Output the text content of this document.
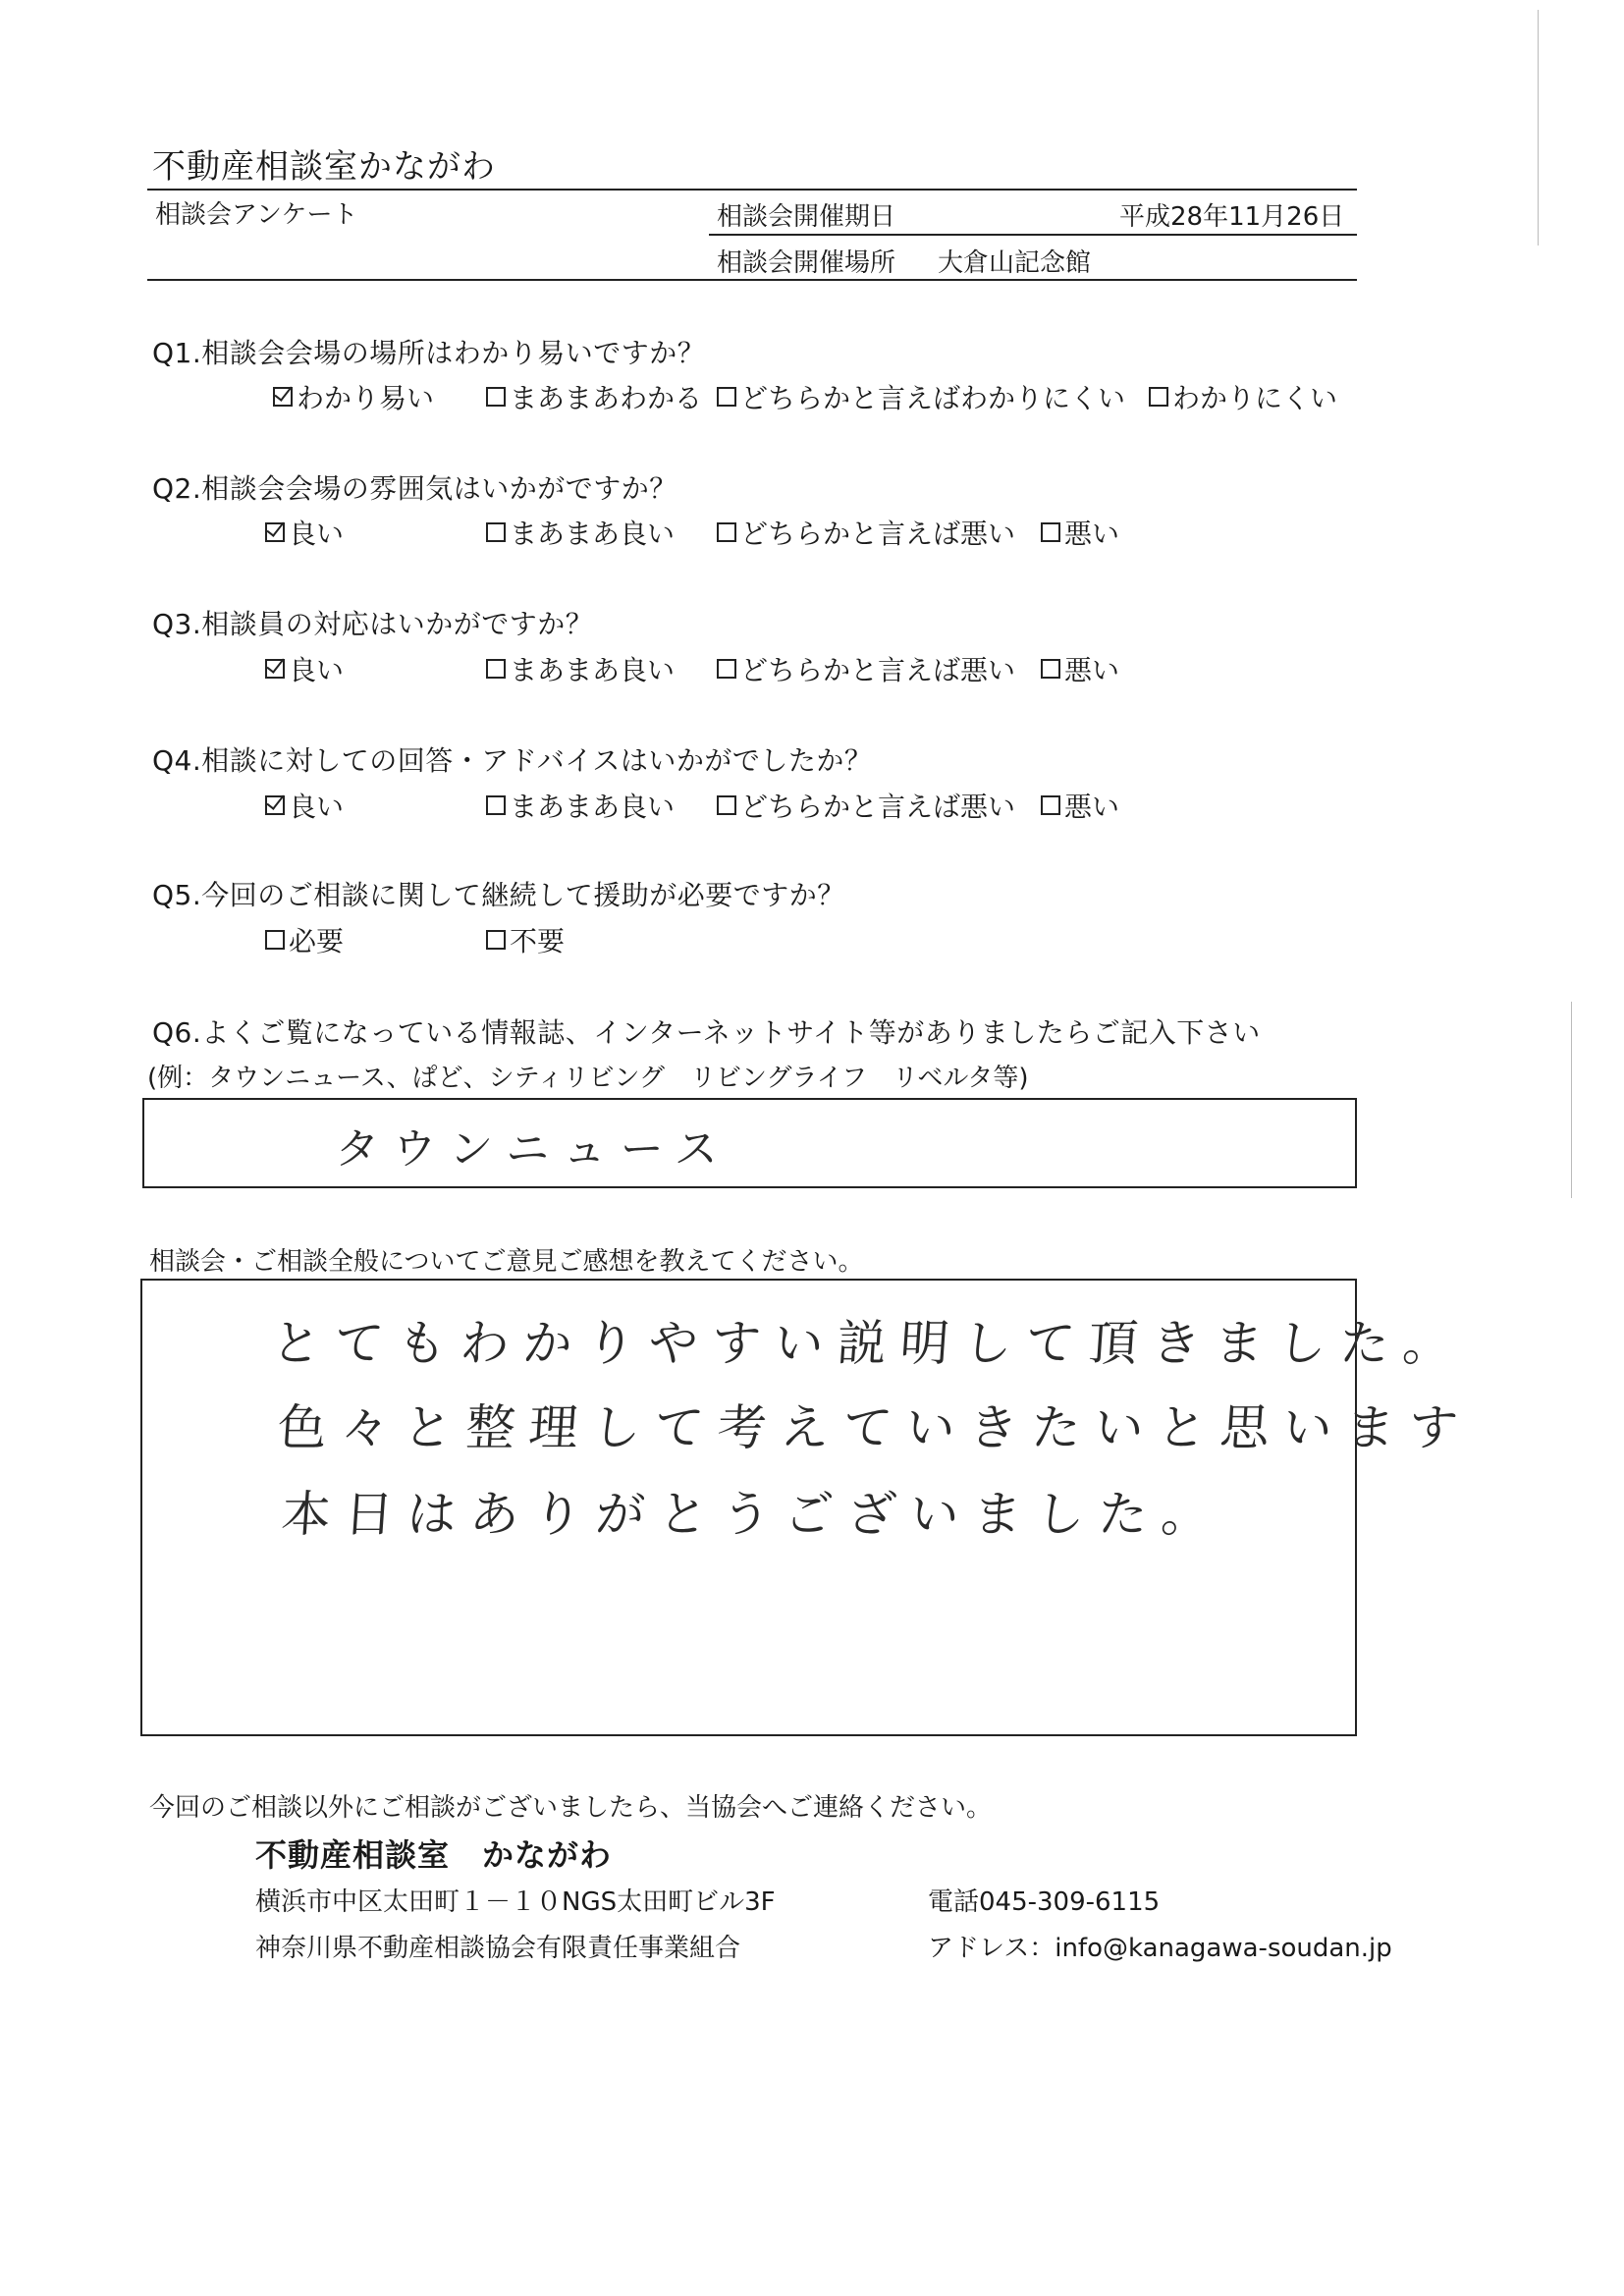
不動産相談室かながわ
相談会アンケート	相談会開催期日	平成28年11月26日
相談会開催場所 大倉山記念館
Q1.相談会会場の場所はわかり易いですか？
わかり易い	まあまあわかる どちらかと言えばわかりにくい わかりにくい
Q2.相談会会場の雰囲気はいかがですか？
良い	まあまあ良い どちらかと言えば悪い 悪い
Q3.相談員の対応はいかがですか？
良い	まあまあ良い どちらかと言えば悪い 悪い
Q4.相談に対しての回答・アドバイスはいかがでしたか？
良い	まあまあ良い どちらかと言えば悪い 悪い
Q5.今回のご相談に関して継続して援助が必要ですか？
必要	不要
Q6.よくご覧になっている情報誌、インターネットサイト等がありましたらご記入下さい
(例：タウンニュース、ぱど、シティリビング　リビングライフ　リベルタ等)
タウンニュース
相談会・ご相談全般についてご意見ご感想を教えてください。
とてもわかりやすい説明して頂きました。
色々と整理して考えていきたいと思います
本日はありがとうございました。
今回のご相談以外にご相談がございましたら、当協会へご連絡ください。
不動産相談室　かながわ
横浜市中区太田町１－１０NGS太田町ビル3F	電話045-309-6115
神奈川県不動産相談協会有限責任事業組合	アドレス：info@kanagawa-soudan.jp
